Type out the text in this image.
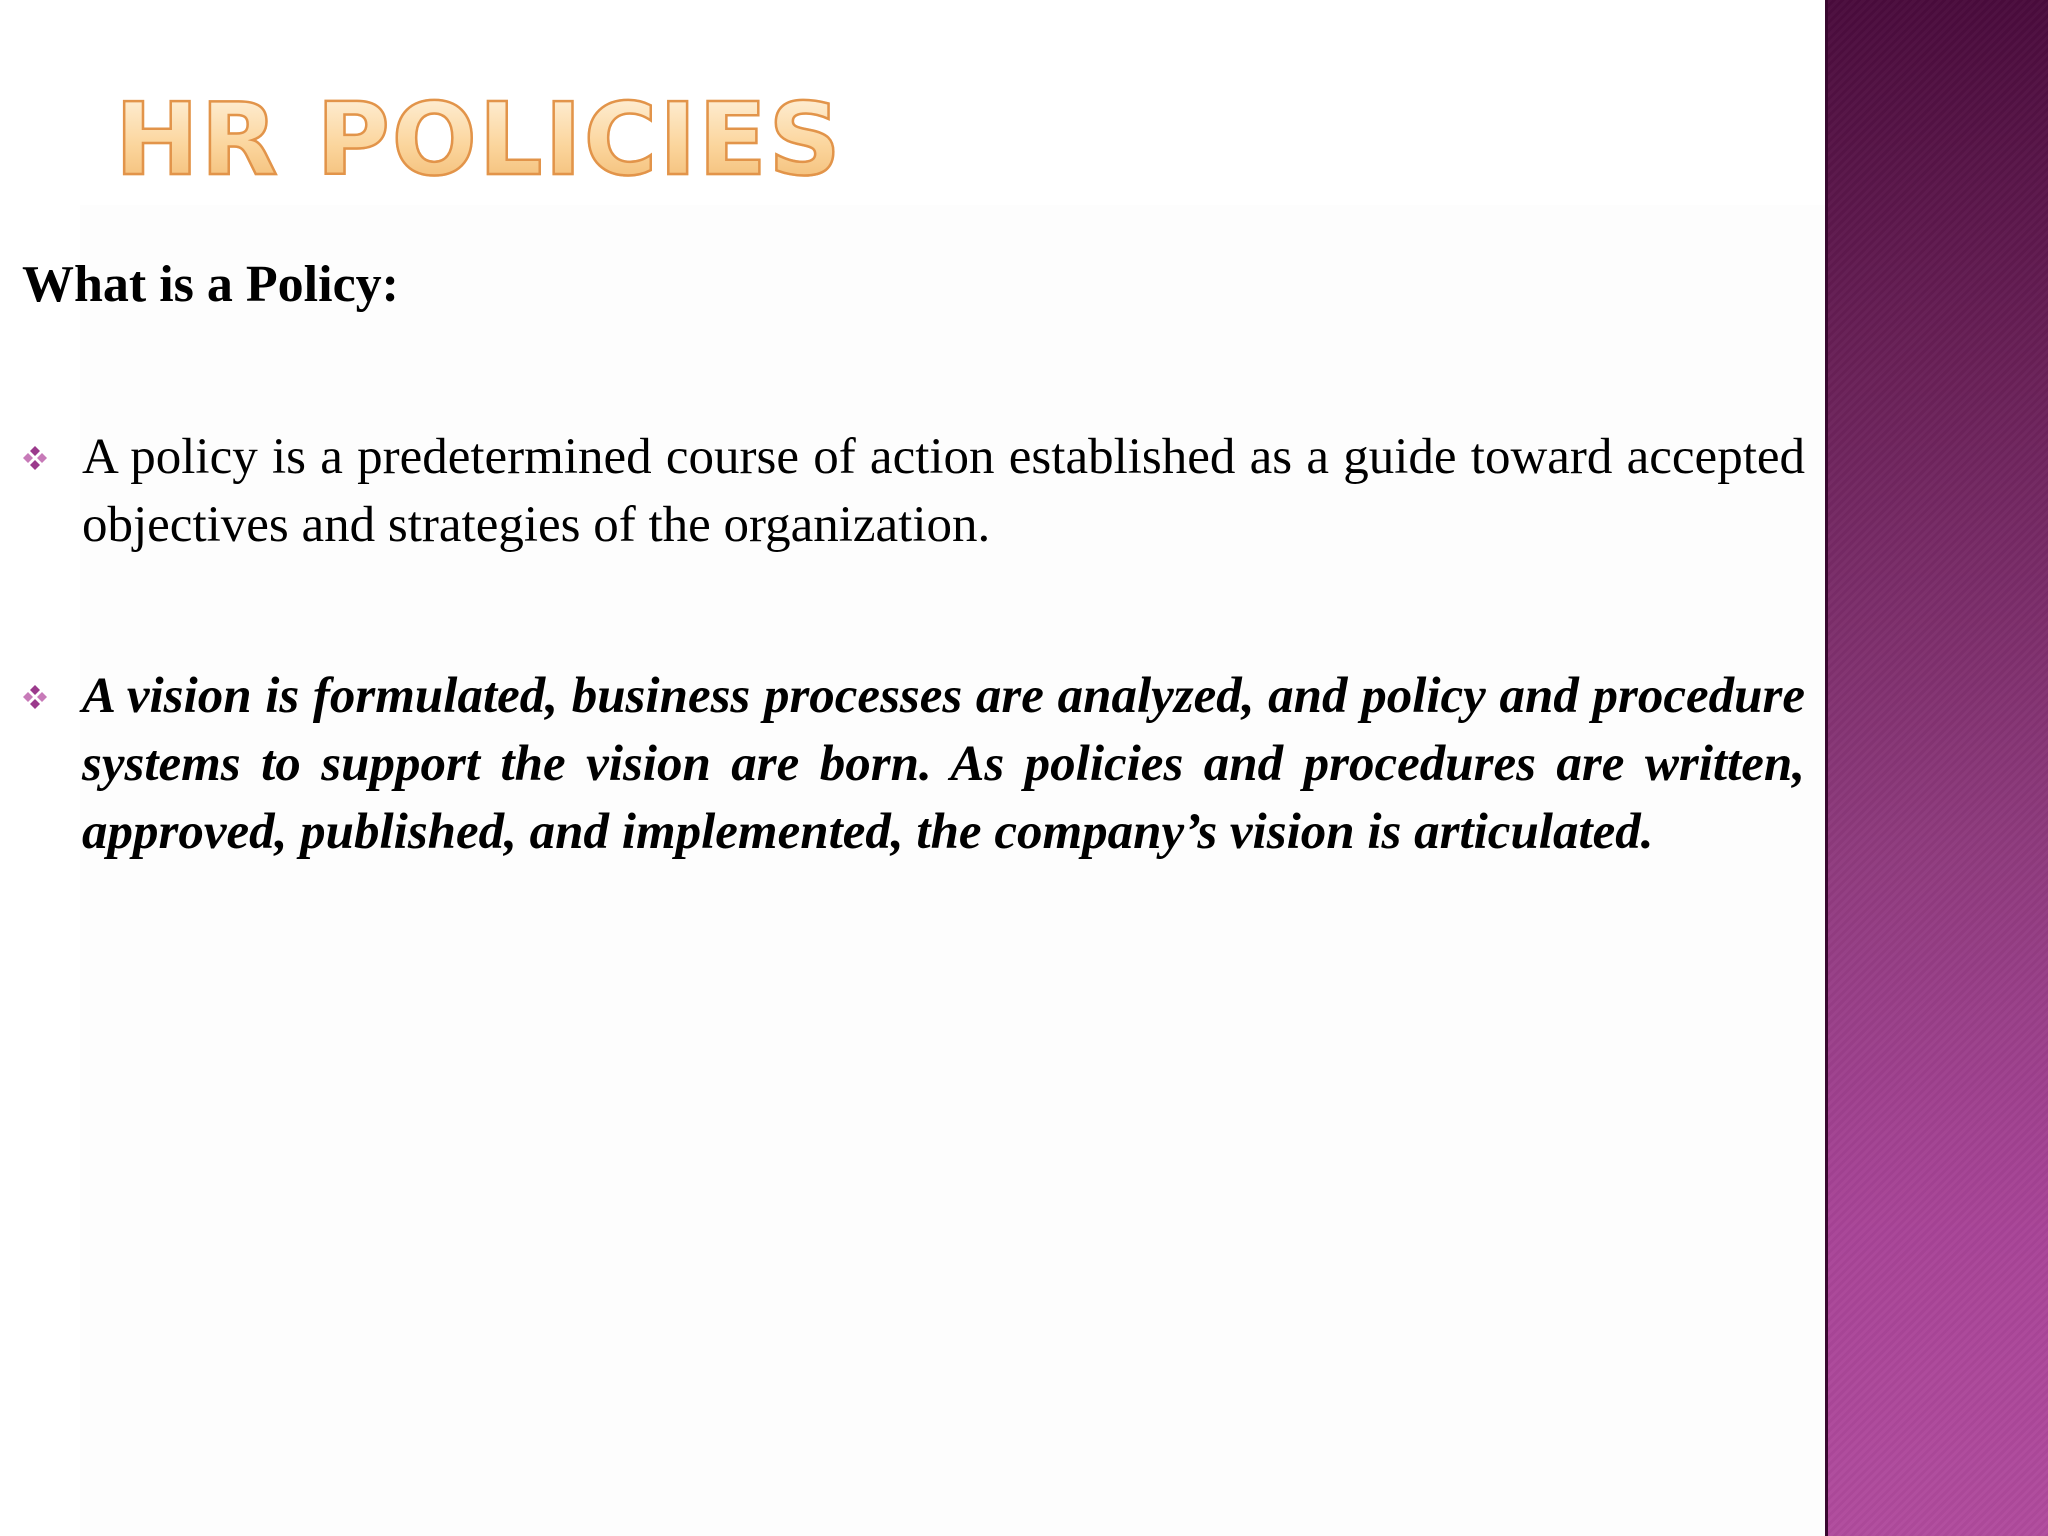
HR POLICIES
What is a Policy:

A policy is a predetermined course of action established as a guide toward accepted objectives and strategies of the organization.

A vision is formulated, business processes are analyzed, and policy and procedure systems to support the vision are born. As policies and procedures are written, approved, published, and implemented, the company’s vision is articulated.
